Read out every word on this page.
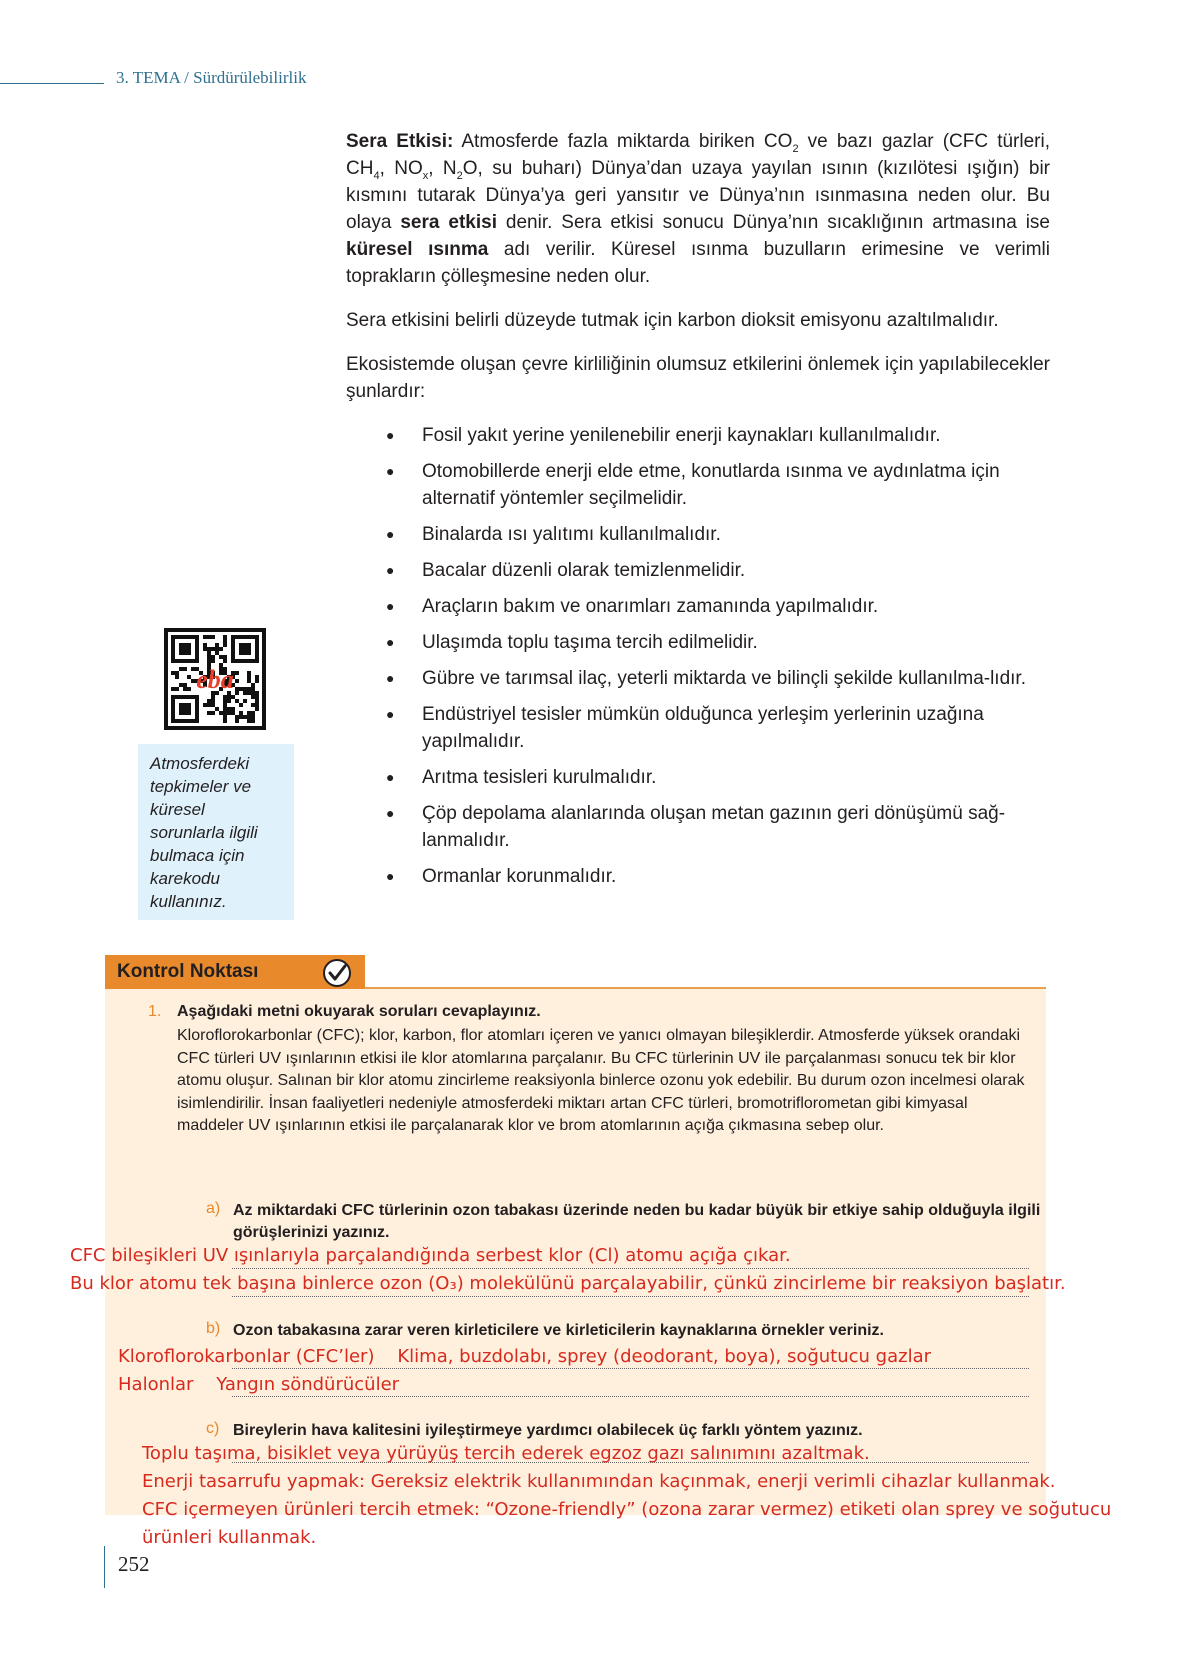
3. TEMA / Sürdürülebilirlik

Sera Etkisi: Atmosferde fazla miktarda biriken $CO_2$ ve bazı gazlar (CFC türleri, $CH_4$, $NO_x$, $N_2O$, su buharı) Dünya’dan uzaya yayılan ısının (kızılötesi ışığın) bir kısmını tutarak Dünya’ya geri yansıtır ve Dünya’nın ısınmasına neden olur. Bu olaya sera etkisi denir. Sera etkisi sonucu Dünya’nın sıcaklığının artmasına ise küresel ısınma adı verilir. Küresel ısınma buzulların erimesine ve verimli toprakların çölleşmesine neden olur.

Sera etkisini belirli düzeyde tutmak için karbon dioksit emisyonu azaltılmalıdır.

Ekosistemde oluşan çevre kirliliğinin olumsuz etkilerini önlemek için yapılabilecekler şunlardır:

● Fosil yakıt yerine yenilenebilir enerji kaynakları kullanılmalıdır.
● Otomobillerde enerji elde etme, konutlarda ısınma ve aydınlatma için alternatif yöntemler seçilmelidir.
● Binalarda ısı yalıtımı kullanılmalıdır.
● Bacalar düzenli olarak temizlenmelidir.
● Araçların bakım ve onarımları zamanında yapılmalıdır.
● Ulaşımda toplu taşıma tercih edilmelidir.
● Gübre ve tarımsal ilaç, yeterli miktarda ve bilinçli şekilde kullanılma-lıdır.
● Endüstriyel tesisler mümkün olduğunca yerleşim yerlerinin uzağına yapılmalıdır.
● Arıtma tesisleri kurulmalıdır.
● Çöp depolama alanlarında oluşan metan gazının geri dönüşümü sağ-lanmalıdır.
● Ormanlar korunmalıdır.
eba
Atmosferdeki tepkimeler ve küresel sorunlarla ilgili bulmaca için karekodu kullanınız.
Kontrol Noktası
1. Aşağıdaki metni okuyarak soruları cevaplayınız.

Kloroflorokarbonlar (CFC); klor, karbon, flor atomları içeren ve yanıcı olmayan bileşiklerdir. Atmosferde yüksek orandaki CFC türleri UV ışınlarının etkisi ile klor atomlarına parçalanır. Bu CFC türlerinin UV ile parçalanması sonucu tek bir klor atomu oluşur. Salınan bir klor atomu zincirleme reaksiyonla binlerce ozonu yok edebilir. Bu durum ozon incelmesi olarak isimlendirilir. İnsan faaliyetleri nedeniyle atmosferdeki miktarı artan CFC türleri, bromotriflorometan gibi kimyasal maddeler UV ışınlarının etkisi ile parçalanarak klor ve brom atomlarının açığa çıkmasına sebep olur.

a) Az miktardaki CFC türlerinin ozon tabakası üzerinde neden bu kadar büyük bir etkiye sahip olduğuyla ilgili görüşlerinizi yazınız.
CFC bileşikleri UV ışınlarıyla parçalandığında serbest klor (Cl) atomu açığa çıkar.
Bu klor atomu tek başına binlerce ozon (O₃) molekülünü parçalayabilir, çünkü zincirleme bir reaksiyon başlatır.
b) Ozon tabakasına zarar veren kirleticilere ve kirleticilerin kaynaklarına örnekler veriniz.
Kloroflorokarbonlar (CFC’ler)    Klima, buzdolabı, sprey (deodorant, boya), soğutucu gazlar
Halonlar    Yangın söndürücüler
c) Bireylerin hava kalitesini iyileştirmeye yardımcı olabilecek üç farklı yöntem yazınız.
Toplu taşıma, bisiklet veya yürüyüş tercih ederek egzoz gazı salınımını azaltmak.
Enerji tasarrufu yapmak: Gereksiz elektrik kullanımından kaçınmak, enerji verimli cihazlar kullanmak.
CFC içermeyen ürünleri tercih etmek: “Ozone-friendly” (ozona zarar vermez) etiketi olan sprey ve soğutucu
ürünleri kullanmak.
252
